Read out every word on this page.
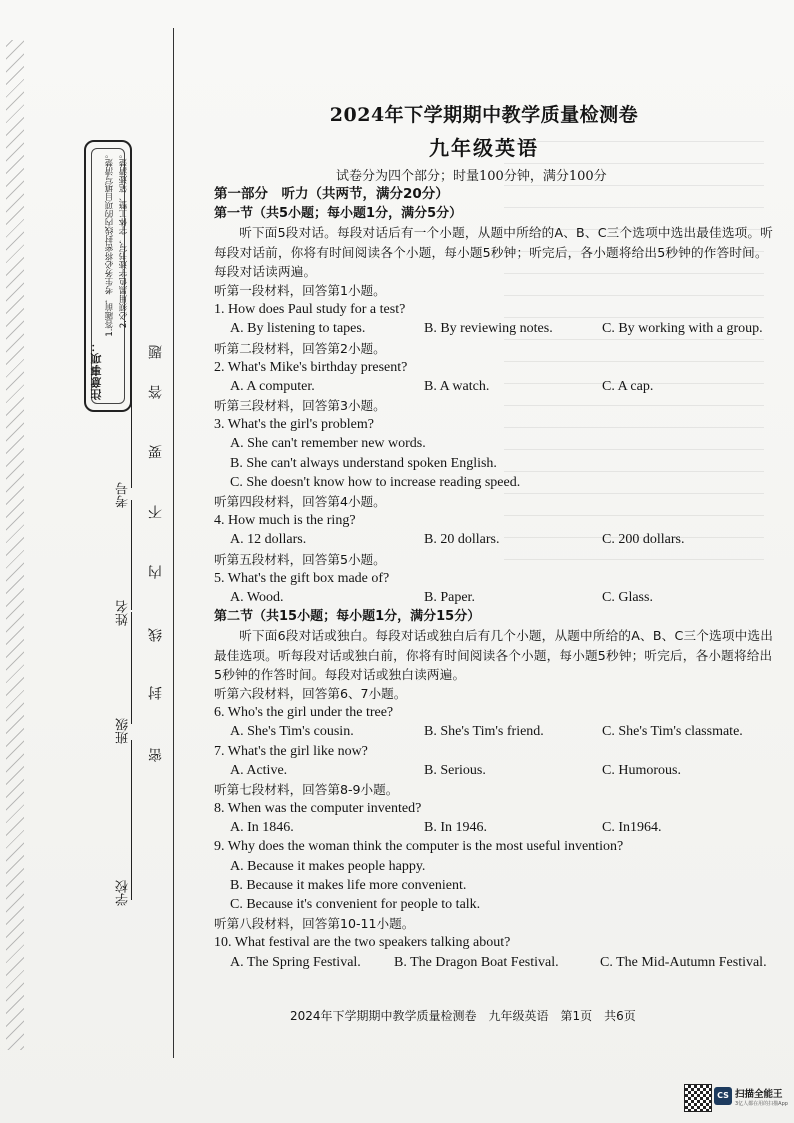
注意事项：
1.答题前，考生务必将密封线内的项目填写清楚。 2.必须用黑色字迹书写，字体工整、笔迹清楚。
学校
班级
姓名
考号
密
封
线
内
不
要
答
题
2024年下学期期中教学质量检测卷
九年级英语
试卷分为四个部分；时量100分钟，满分100分
第一部分　听力（共两节，满分20分）
第一节（共5小题；每小题1分，满分5分）
听下面5段对话。每段对话后有一个小题，从题中所给的A、B、C三个选项中选出最佳选项。听每段对话前，你将有时间阅读各个小题，每小题5秒钟；听完后，各小题将给出5秒钟的作答时间。每段对话读两遍。
听第一段材料，回答第1小题。
1. How does Paul study for a test?
A. By listening to tapes.	B. By reviewing notes.	C. By working with a group.
听第二段材料，回答第2小题。
2. What's Mike's birthday present?
A. A computer.	B. A watch.	C. A cap.
听第三段材料，回答第3小题。
3. What's the girl's problem?
A. She can't remember new words.
B. She can't always understand spoken English.
C. She doesn't know how to increase reading speed.
听第四段材料，回答第4小题。
4. How much is the ring?
A. 12 dollars.	B. 20 dollars.	C. 200 dollars.
听第五段材料，回答第5小题。
5. What's the gift box made of?
A. Wood.	B. Paper.	C. Glass.
第二节（共15小题；每小题1分，满分15分）
听下面6段对话或独白。每段对话或独白后有几个小题，从题中所给的A、B、C三个选项中选出最佳选项。听每段对话或独白前，你将有时间阅读各个小题，每小题5秒钟；听完后，各小题将给出5秒钟的作答时间。每段对话或独白读两遍。
听第六段材料，回答第6、7小题。
6. Who's the girl under the tree?
A. She's Tim's cousin.	B. She's Tim's friend.	C. She's Tim's classmate.
7. What's the girl like now?
A. Active.	B. Serious.	C. Humorous.
听第七段材料，回答第8-9小题。
8. When was the computer invented?
A. In 1846.	B. In 1946.	C. In1964.
9. Why does the woman think the computer is the most useful invention?
A. Because it makes people happy.
B. Because it makes life more convenient.
C. Because it's convenient for people to talk.
听第八段材料，回答第10-11小题。
10. What festival are the two speakers talking about?
A. The Spring Festival.	B. The Dragon Boat Festival.	C. The Mid-Autumn Festival.
2024年下学期期中教学质量检测卷　九年级英语　第1页　共6页
CS 扫描全能王
3亿人都在用的扫描App
